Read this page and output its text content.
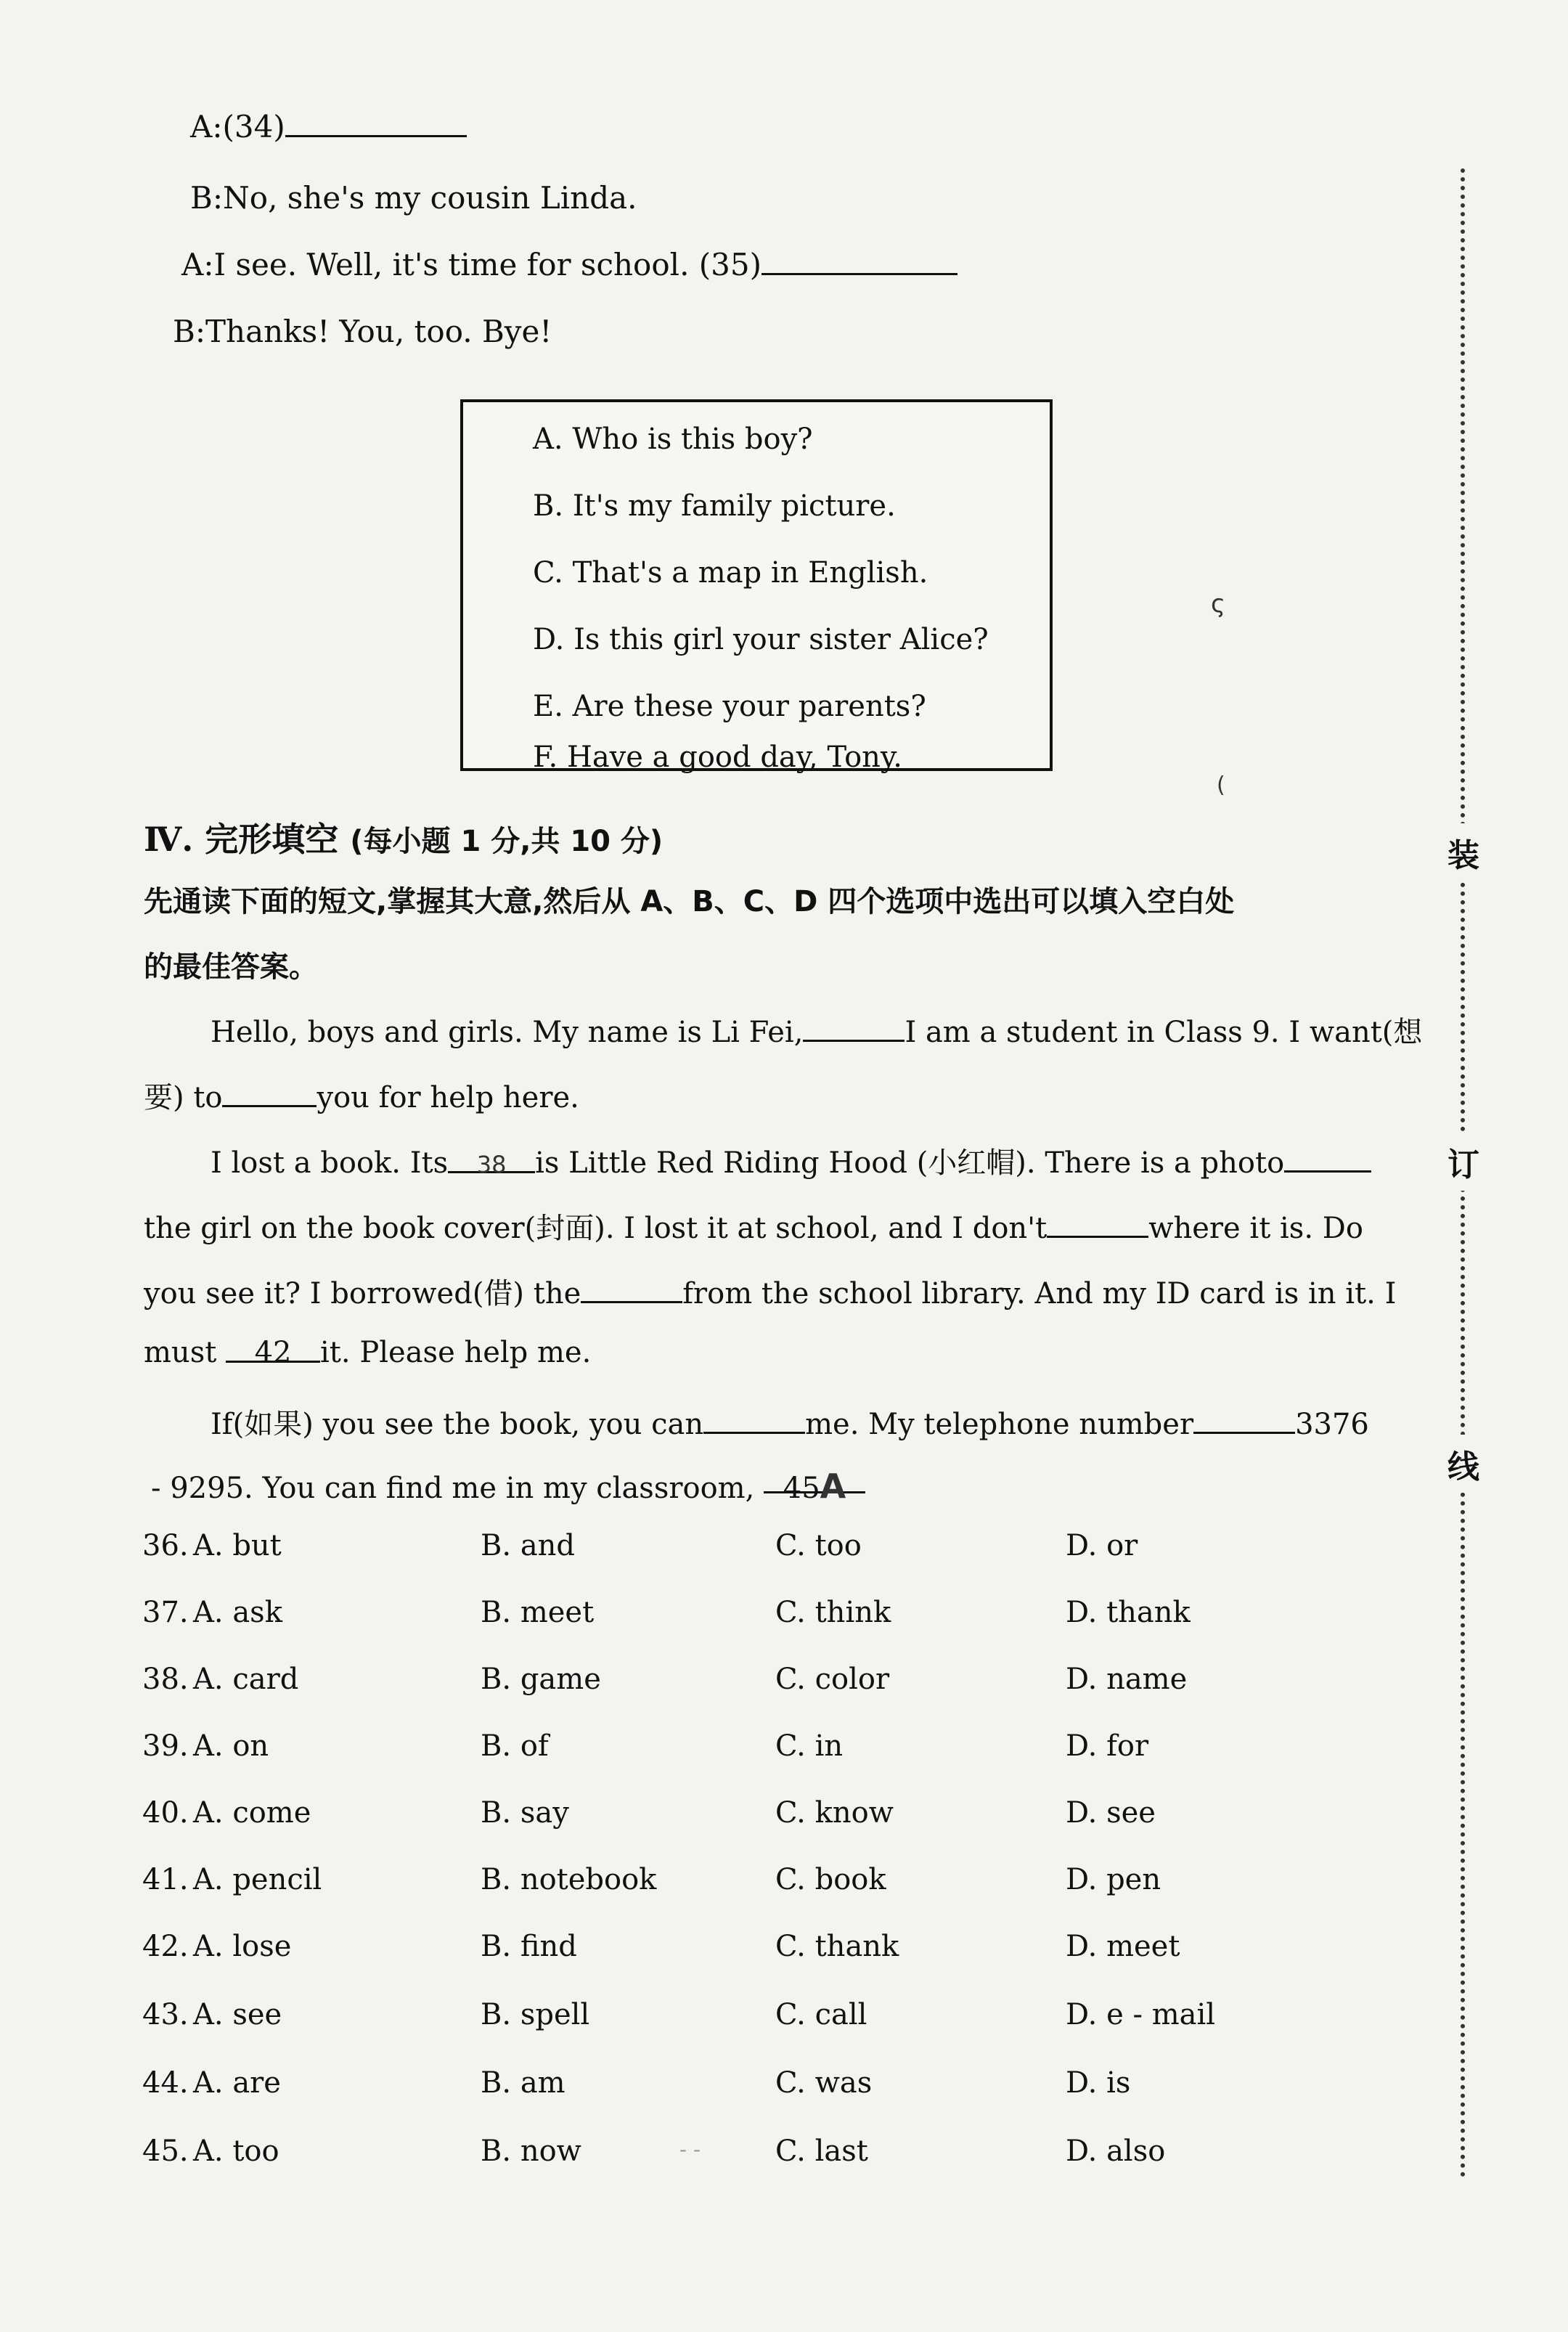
A:(34)
B:No, she's my cousin Linda.
A:I see. Well, it's time for school. (35)
B:Thanks! You, too. Bye!
A. Who is this boy?
B. It's my family picture.
C. That's a map in English.
D. Is this girl your sister Alice?
E. Are these your parents?
F. Have a good day, Tony.
ς
(
Ⅳ. 完形填空 (每小题 1 分,共 10 分)
先通读下面的短文,掌握其大意,然后从 A、B、C、D 四个选项中选出可以填入空白处
的最佳答案。
Hello, boys and girls. My name is Li Fei,	I am a student in Class 9. I want(想
要) to	you for help here.
I lost a book. Its 38 is Little Red Riding Hood (小红帽). There is a photo
the girl on the book cover(封面). I lost it at school, and I don't	where it is. Do
you see it? I borrowed(借) the	from the school library. And my ID card is in it. I
must 42 it. Please help me.
If(如果) you see the book, you can	me. My telephone number	3376
- 9295. You can find me in my classroom, 45A
36. A. but	B. and	C. too	D. or
37. A. ask	B. meet	C. think	D. thank
38. A. card	B. game	C. color	D. name
39. A. on	B. of	C. in	D. for
40. A. come	B. say	C. know	D. see
41. A. pencil	B. notebook	C. book	D. pen
42. A. lose	B. find	C. thank	D. meet
43. A. see	B. spell	C. call	D. e - mail
44. A. are	B. am	C. was	D. is
45. A. too	B. now	C. last	D. also
- -
装
订
线
